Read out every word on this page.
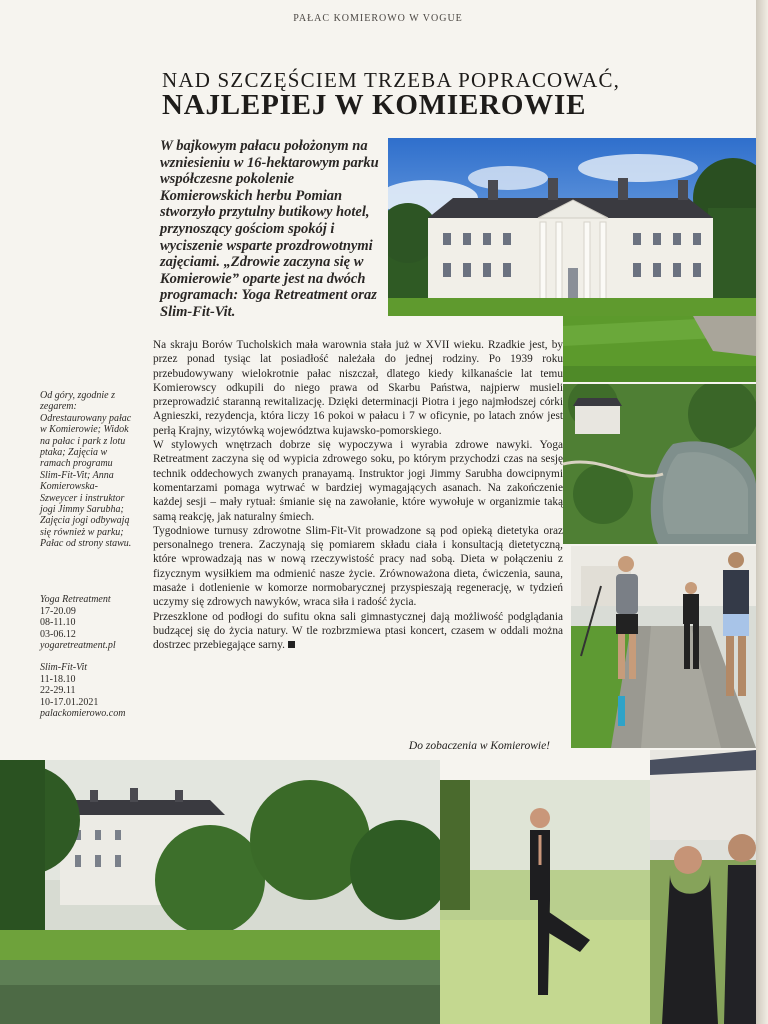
PAŁAC KOMIEROWO W VOGUE
NAD SZCZĘŚCIEM TRZEBA POPRACOWAĆ,
NAJLEPIEJ W KOMIEROWIE

W bajkowym pałacu położonym na wzniesieniu w 16-hektarowym parku współczesne pokolenie Komierowskich herbu Pomian stworzyło przytulny butikowy hotel, przynoszący gościom spokój i wyciszenie wsparte prozdrowotnymi zajęciami. „Zdrowie zaczyna się w Komierowie” oparte jest na dwóch programach: Yoga Retreatment oraz Slim-Fit-Vit.

Od góry, zgodnie z zegarem: Odrestaurowany pałac w Komierowie; Widok na pałac i park z lotu ptaka; Zajęcia w ramach programu Slim-Fit-Vit; Anna Komierowska-Szweycer i instruktor jogi Jimmy Sarubha; Zajęcia jogi odbywają się również w parku; Pałac od strony stawu.

Yoga Retreatment
17-20.09
08-11.10
03-06.12
yogaretreatment.pl
Slim-Fit-Vit
11-18.10
22-29.11
10-17.01.2021
palackomierowo.com

Na skraju Borów Tucholskich mała warownia stała już w XVII wieku. Rzadkie jest, by przez ponad tysiąc lat posiadłość należała do jednej rodziny. Po 1939 roku przebudowywany wielokrotnie pałac niszczał, dlatego kiedy kilkanaście lat temu Komierowscy odkupili do niego prawa od Skarbu Państwa, najpierw musieli przeprowadzić staranną rewitalizację. Dzięki determinacji Piotra i jego najmłodszej córki Agnieszki, rezydencja, która liczy 16 pokoi w pałacu i 7 w oficynie, po latach znów jest perłą Krajny, wizytówką województwa kujawsko-pomorskiego.

W stylowych wnętrzach dobrze się wypoczywa i wyrabia zdrowe nawyki. Yoga Retreatment zaczyna się od wypicia zdrowego soku, po którym przychodzi czas na sesję technik oddechowych zwanych pranayamą. Instruktor jogi Jimmy Sarubha dowcipnymi komentarzami pomaga wytrwać w bardziej wymagających asanach. Na zakończenie każdej sesji – mały rytuał: śmianie się na zawołanie, które wywołuje w organizmie taką samą reakcję, jak naturalny śmiech.

Tygodniowe turnusy zdrowotne Slim-Fit-Vit prowadzone są pod opieką dietetyka oraz personalnego trenera. Zaczynają się pomiarem składu ciała i konsultacją dietetyczną, które wprowadzają nas w nową rzeczywistość pracy nad sobą. Dieta w połączeniu z fizycznym wysiłkiem ma odmienić nasze życie. Zrównoważona dieta, ćwiczenia, sauna, masaże i dotlenienie w komorze normobarycznej przyspieszają regenerację, w tydzień uczymy się zdrowych nawyków, wraca siła i radość życia.

Przeszklone od podłogi do sufitu okna sali gimnastycznej dają możliwość podglądania budzącej się do życia natury. W tle rozbrzmiewa ptasi koncert, czasem w oddali można dostrzec przebiegające sarny.

Do zobaczenia w Komierowie!
